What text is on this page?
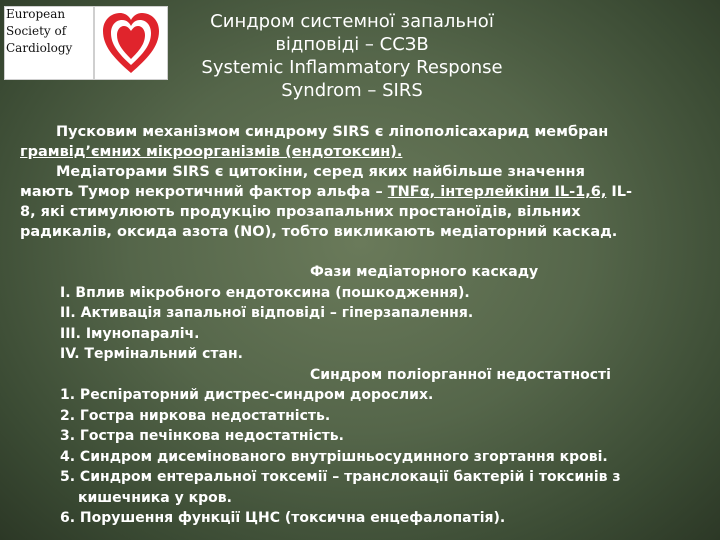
European
Society of
Cardiology
Синдром системної запальної
відповіді – ССЗВ
Systemic Inflammatory Response
Syndrom – SIRS

Пусковим механізмом синдрому SIRS є ліпополісахарид мембран

грамвід’ємних мікроорганізмів (ендотоксин).

Медіаторами SIRS є цитокіни, серед яких найбільше значення

мають Тумор некротичний фактор альфа – TNFα, інтерлейкіни IL-1,6, IL-

8, які стимулюють продукцію прозапальних простаноїдів, вільних

радикалів, оксида азота (NO), тобто викликають медіаторний каскад.

Фази медіаторного каскаду
I. Вплив мікробного ендотоксина (пошкодження).
II. Активація запальної відповіді – гіперзапалення.
III. Імунопараліч.
IV. Термінальний стан.
Синдром поліорганної недостатності
1. Респіраторний дистрес-синдром дорослих.
2. Гостра ниркова недостатність.
3. Гостра печінкова недостатність.
4. Синдром дисемінованого внутрішньосудинного згортання крові.
5. Синдром ентеральної токсемії – транслокації бактерій і токсинів з
кишечника у кров.
6. Порушення функції ЦНС (токсична енцефалопатія).
